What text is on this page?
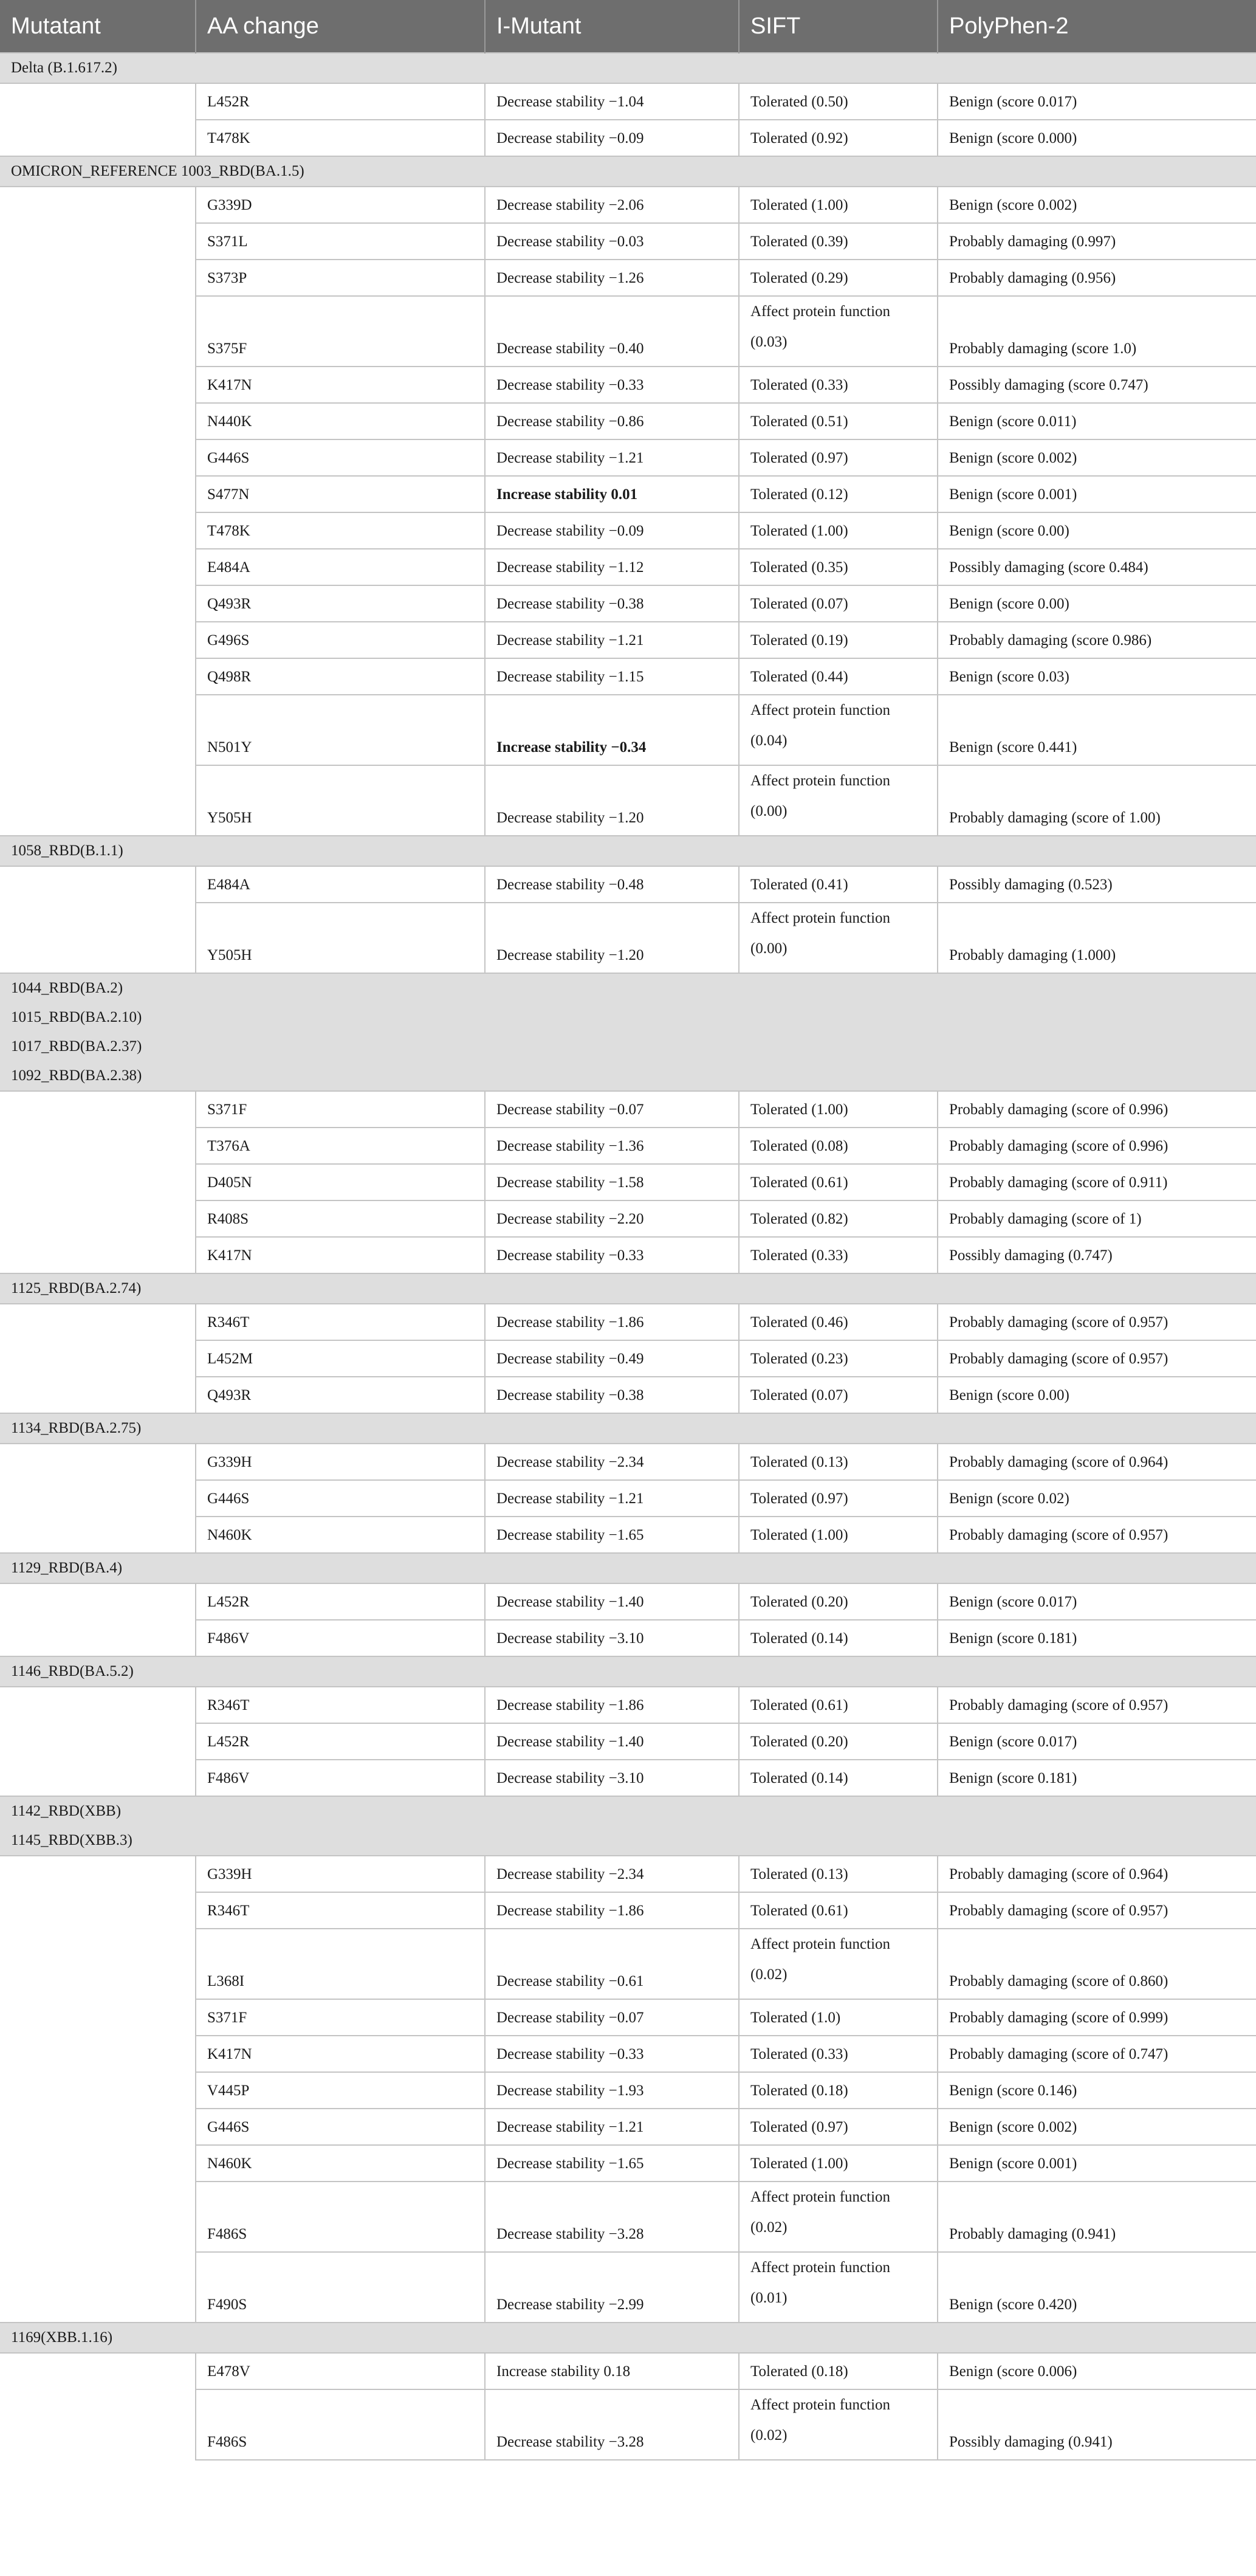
Mutatant	AA change	I-Mutant	SIFT	PolyPhen-2

Delta (B.1.617.2)				

	L452R	Decrease stability −1.04	Tolerated (0.50)	Benign (score 0.017)
	T478K	Decrease stability −0.09	Tolerated (0.92)	Benign (score 0.000)

OMICRON_REFERENCE 1003_RBD(BA.1.5)				

	G339D	Decrease stability −2.06	Tolerated (1.00)	Benign (score 0.002)
	S371L	Decrease stability −0.03	Tolerated (0.39)	Probably damaging (0.997)
	S373P	Decrease stability −1.26	Tolerated (0.29)	Probably damaging (0.956)
	S375F	Decrease stability −0.40	Affect protein function
(0.03)	Probably damaging (score 1.0)
	K417N	Decrease stability −0.33	Tolerated (0.33)	Possibly damaging (score 0.747)
	N440K	Decrease stability −0.86	Tolerated (0.51)	Benign (score 0.011)
	G446S	Decrease stability −1.21	Tolerated (0.97)	Benign (score 0.002)
	S477N	Increase stability 0.01	Tolerated (0.12)	Benign (score 0.001)
	T478K	Decrease stability −0.09	Tolerated (1.00)	Benign (score 0.00)
	E484A	Decrease stability −1.12	Tolerated (0.35)	Possibly damaging (score 0.484)
	Q493R	Decrease stability −0.38	Tolerated (0.07)	Benign (score 0.00)
	G496S	Decrease stability −1.21	Tolerated (0.19)	Probably damaging (score 0.986)
	Q498R	Decrease stability −1.15	Tolerated (0.44)	Benign (score 0.03)
	N501Y	Increase stability −0.34	Affect protein function
(0.04)	Benign (score 0.441)
	Y505H	Decrease stability −1.20	Affect protein function
(0.00)	Probably damaging (score of 1.00)

1058_RBD(B.1.1)				

	E484A	Decrease stability −0.48	Tolerated (0.41)	Possibly damaging (0.523)
	Y505H	Decrease stability −1.20	Affect protein function
(0.00)	Probably damaging (1.000)

1044_RBD(BA.2)
1015_RBD(BA.2.10)
1017_RBD(BA.2.37)
1092_RBD(BA.2.38)				

	S371F	Decrease stability −0.07	Tolerated (1.00)	Probably damaging (score of 0.996)
	T376A	Decrease stability −1.36	Tolerated (0.08)	Probably damaging (score of 0.996)
	D405N	Decrease stability −1.58	Tolerated (0.61)	Probably damaging (score of 0.911)
	R408S	Decrease stability −2.20	Tolerated (0.82)	Probably damaging (score of 1)
	K417N	Decrease stability −0.33	Tolerated (0.33)	Possibly damaging (0.747)

1125_RBD(BA.2.74)				

	R346T	Decrease stability −1.86	Tolerated (0.46)	Probably damaging (score of 0.957)
	L452M	Decrease stability −0.49	Tolerated (0.23)	Probably damaging (score of 0.957)
	Q493R	Decrease stability −0.38	Tolerated (0.07)	Benign (score 0.00)

1134_RBD(BA.2.75)				

	G339H	Decrease stability −2.34	Tolerated (0.13)	Probably damaging (score of 0.964)
	G446S	Decrease stability −1.21	Tolerated (0.97)	Benign (score 0.02)
	N460K	Decrease stability −1.65	Tolerated (1.00)	Probably damaging (score of 0.957)

1129_RBD(BA.4)				

	L452R	Decrease stability −1.40	Tolerated (0.20)	Benign (score 0.017)
	F486V	Decrease stability −3.10	Tolerated (0.14)	Benign (score 0.181)

1146_RBD(BA.5.2)				

	R346T	Decrease stability −1.86	Tolerated (0.61)	Probably damaging (score of 0.957)
	L452R	Decrease stability −1.40	Tolerated (0.20)	Benign (score 0.017)
	F486V	Decrease stability −3.10	Tolerated (0.14)	Benign (score 0.181)

1142_RBD(XBB)
1145_RBD(XBB.3)				

	G339H	Decrease stability −2.34	Tolerated (0.13)	Probably damaging (score of 0.964)
	R346T	Decrease stability −1.86	Tolerated (0.61)	Probably damaging (score of 0.957)
	L368I	Decrease stability −0.61	Affect protein function
(0.02)	Probably damaging (score of 0.860)
	S371F	Decrease stability −0.07	Tolerated (1.0)	Probably damaging (score of 0.999)
	K417N	Decrease stability −0.33	Tolerated (0.33)	Probably damaging (score of 0.747)
	V445P	Decrease stability −1.93	Tolerated (0.18)	Benign (score 0.146)
	G446S	Decrease stability −1.21	Tolerated (0.97)	Benign (score 0.002)
	N460K	Decrease stability −1.65	Tolerated (1.00)	Benign (score 0.001)
	F486S	Decrease stability −3.28	Affect protein function
(0.02)	Probably damaging (0.941)
	F490S	Decrease stability −2.99	Affect protein function
(0.01)	Benign (score 0.420)

1169(XBB.1.16)				

	E478V	Increase stability 0.18	Tolerated (0.18)	Benign (score 0.006)
	F486S	Decrease stability −3.28	Affect protein function
(0.02)	Possibly damaging (0.941)
